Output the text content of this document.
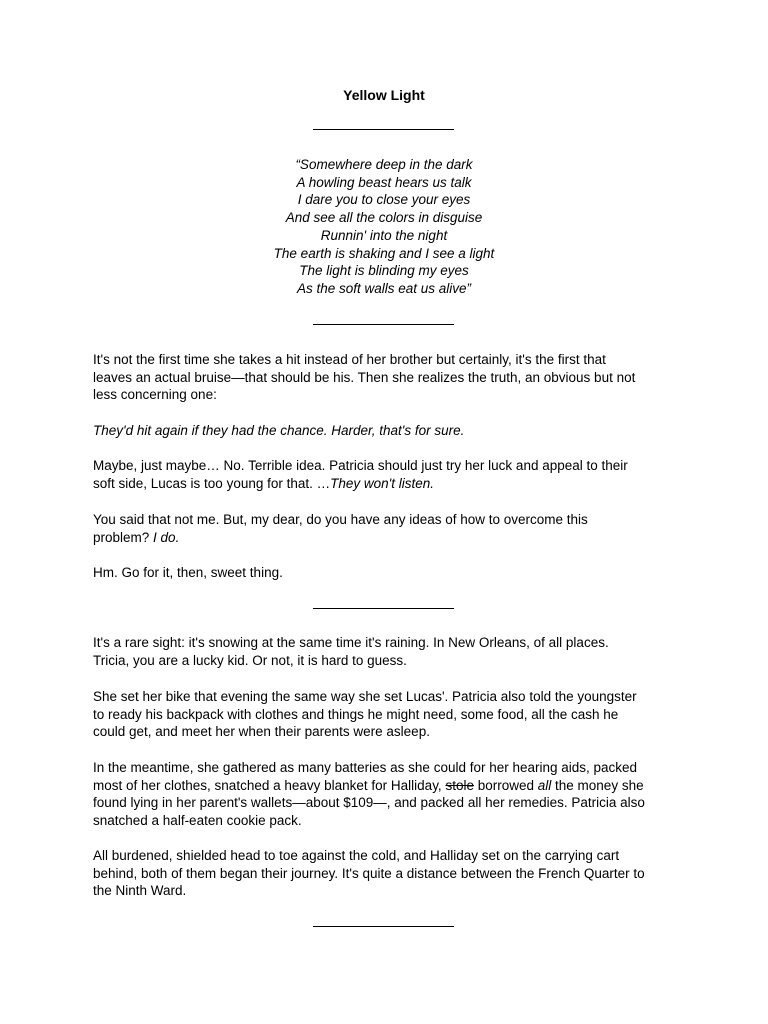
Yellow Light
“Somewhere deep in the dark
A howling beast hears us talk
I dare you to close your eyes
And see all the colors in disguise
Runnin' into the night
The earth is shaking and I see a light
The light is blinding my eyes
As the soft walls eat us alive”

It's not the first time she takes a hit instead of her brother but certainly, it's the first that
leaves an actual bruise—that should be his. Then she realizes the truth, an obvious but not
less concerning one:

They'd hit again if they had the chance. Harder, that's for sure.

Maybe, just maybe… No. Terrible idea. Patricia should just try her luck and appeal to their
soft side, Lucas is too young for that. …They won't listen.

You said that not me. But, my dear, do you have any ideas of how to overcome this
problem? I do.

Hm. Go for it, then, sweet thing.

It's a rare sight: it's snowing at the same time it's raining. In New Orleans, of all places.
Tricia, you are a lucky kid. Or not, it is hard to guess.

She set her bike that evening the same way she set Lucas'. Patricia also told the youngster
to ready his backpack with clothes and things he might need, some food, all the cash he
could get, and meet her when their parents were asleep.

In the meantime, she gathered as many batteries as she could for her hearing aids, packed
most of her clothes, snatched a heavy blanket for Halliday, stole borrowed all the money she
found lying in her parent's wallets—about $109—, and packed all her remedies. Patricia also
snatched a half-eaten cookie pack.

All burdened, shielded head to toe against the cold, and Halliday set on the carrying cart
behind, both of them began their journey. It's quite a distance between the French Quarter to
the Ninth Ward.
